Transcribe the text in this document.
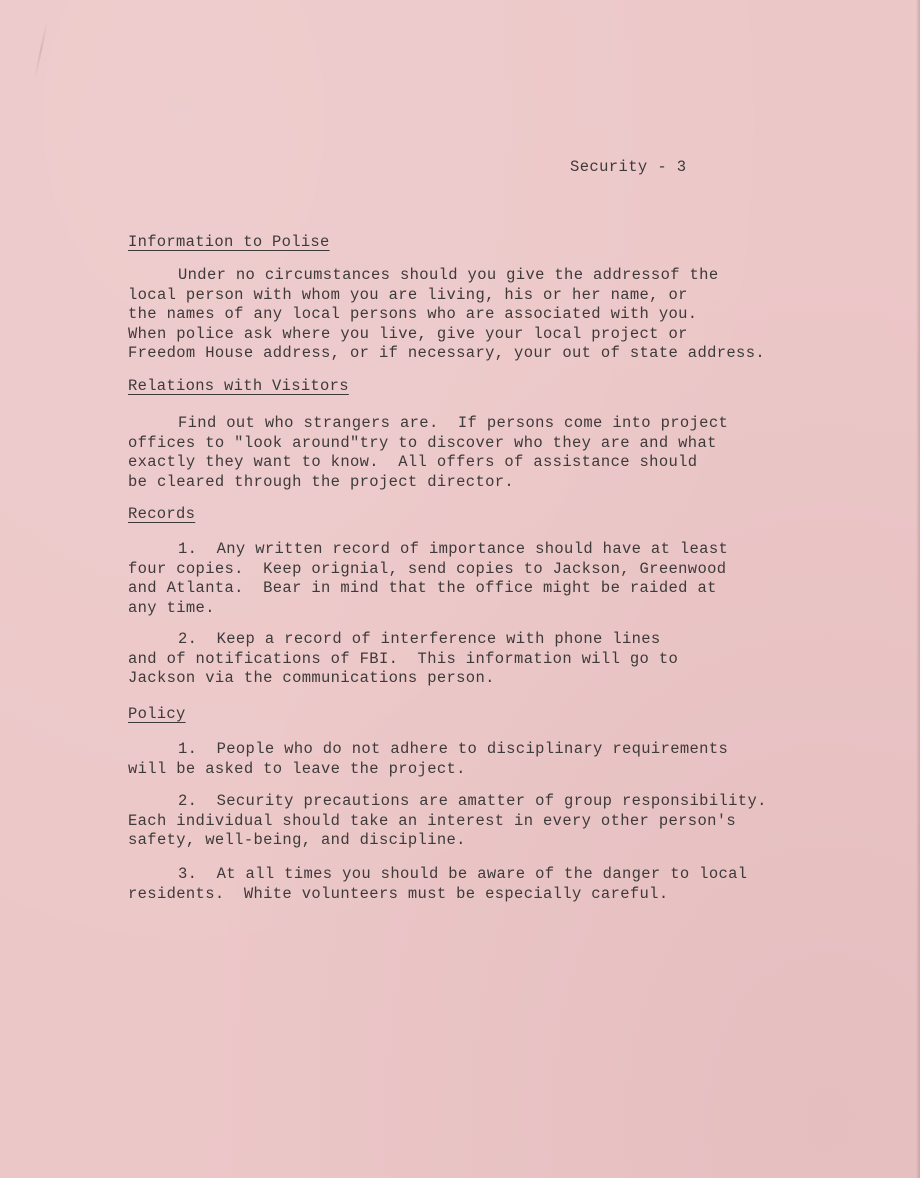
Security - 3
Information to Polise
Under no circumstances should you give the addressof the
local person with whom you are living, his or her name, or
the names of any local persons who are associated with you.
When police ask where you live, give your local project or
Freedom House address, or if necessary, your out of state address.
Relations with Visitors
Find out who strangers are.  If persons come into project
offices to "look around"try to discover who they are and what
exactly they want to know.  All offers of assistance should
be cleared through the project director.
Records
1.  Any written record of importance should have at least
four copies.  Keep orignial, send copies to Jackson, Greenwood
and Atlanta.  Bear in mind that the office might be raided at
any time.
2.  Keep a record of interference with phone lines
and of notifications of FBI.  This information will go to
Jackson via the communications person.
Policy
1.  People who do not adhere to disciplinary requirements
will be asked to leave the project.
2.  Security precautions are amatter of group responsibility.
Each individual should take an interest in every other person's
safety, well-being, and discipline.
3.  At all times you should be aware of the danger to local
residents.  White volunteers must be especially careful.
